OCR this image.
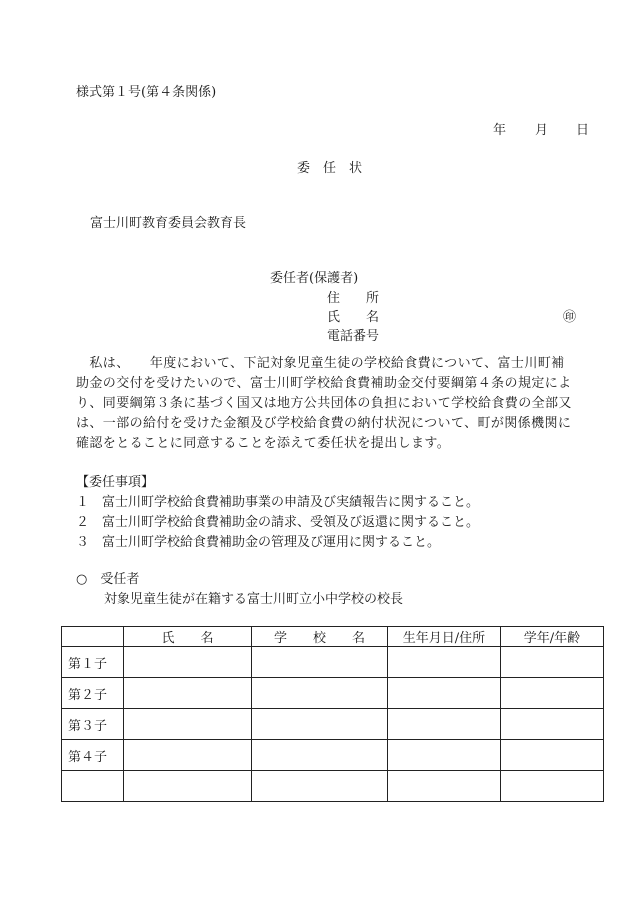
様式第１号(第４条関係)
年 月 日
委　任　状
富士川町教育委員会教育長
委任者(保護者)
住　　所
氏　　名	㊞
電話番号
　私は、　　年度において、下記対象児童生徒の学校給食費について、富士川町補
助金の交付を受けたいので、富士川町学校給食費補助金交付要綱第４条の規定によ
り、同要綱第３条に基づく国又は地方公共団体の負担において学校給食費の全部又
は、一部の給付を受けた金額及び学校給食費の納付状況について、町が関係機関に
確認をとることに同意することを添えて委任状を提出します。
【委任事項】
１　富士川町学校給食費補助事業の申請及び実績報告に関すること。
２　富士川町学校給食費補助金の請求、受領及び返還に関すること。
３　富士川町学校給食費補助金の管理及び運用に関すること。
○　受任者
対象児童生徒が在籍する富士川町立小中学校の校長
	氏　　名	学　　校　　名	生年月日/住所	学年/年齢
第１子				
第２子				
第３子				
第４子				
